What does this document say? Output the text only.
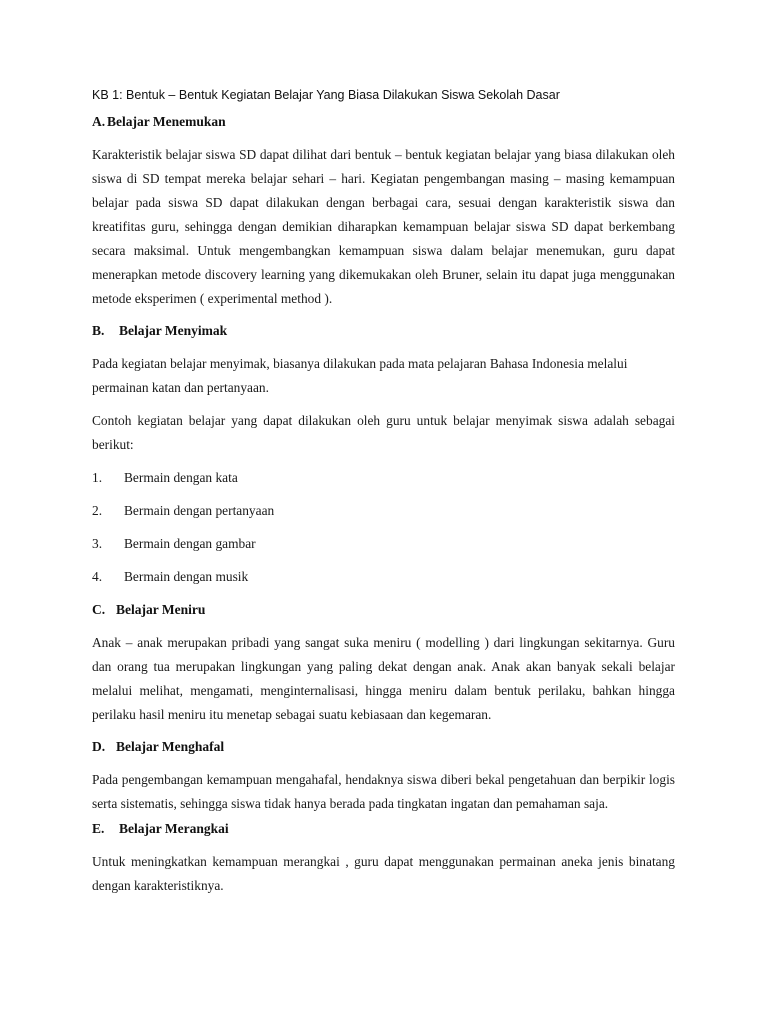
KB 1: Bentuk – Bentuk Kegiatan Belajar Yang Biasa Dilakukan Siswa Sekolah Dasar

A. Belajar Menemukan

Karakteristik belajar siswa SD dapat dilihat dari bentuk – bentuk kegiatan belajar yang biasa dilakukan oleh siswa di SD tempat mereka belajar sehari – hari. Kegiatan pengembangan masing – masing kemampuan belajar pada siswa SD dapat dilakukan dengan berbagai cara, sesuai dengan karakteristik siswa dan kreatifitas guru, sehingga dengan demikian diharapkan kemampuan belajar siswa SD dapat berkembang secara maksimal. Untuk mengembangkan kemampuan siswa dalam belajar menemukan, guru dapat menerapkan metode discovery learning yang dikemukakan oleh Bruner, selain itu dapat juga menggunakan metode eksperimen ( experimental method ).

B.	Belajar Menyimak

Pada kegiatan belajar menyimak, biasanya dilakukan pada mata pelajaran Bahasa Indonesia melalui permainan katan dan pertanyaan.

Contoh kegiatan belajar yang dapat dilakukan oleh guru untuk belajar menyimak siswa adalah sebagai berikut:

1.	Bermain dengan kata
2.	Bermain dengan pertanyaan
3.	Bermain dengan gambar
4.	Bermain dengan musik
C. Belajar Meniru

Anak – anak merupakan pribadi yang sangat suka meniru ( modelling ) dari lingkungan sekitarnya. Guru dan orang tua merupakan lingkungan yang paling dekat dengan anak. Anak akan banyak sekali belajar melalui melihat, mengamati, menginternalisasi, hingga meniru dalam bentuk perilaku, bahkan hingga perilaku hasil meniru itu menetap sebagai suatu kebiasaan dan kegemaran.

D. Belajar Menghafal

Pada pengembangan kemampuan mengahafal, hendaknya siswa diberi bekal pengetahuan dan berpikir logis serta sistematis, sehingga siswa tidak hanya berada pada tingkatan ingatan dan pemahaman saja.

E.	Belajar Merangkai

Untuk meningkatkan kemampuan merangkai , guru dapat menggunakan permainan aneka jenis binatang dengan karakteristiknya.
